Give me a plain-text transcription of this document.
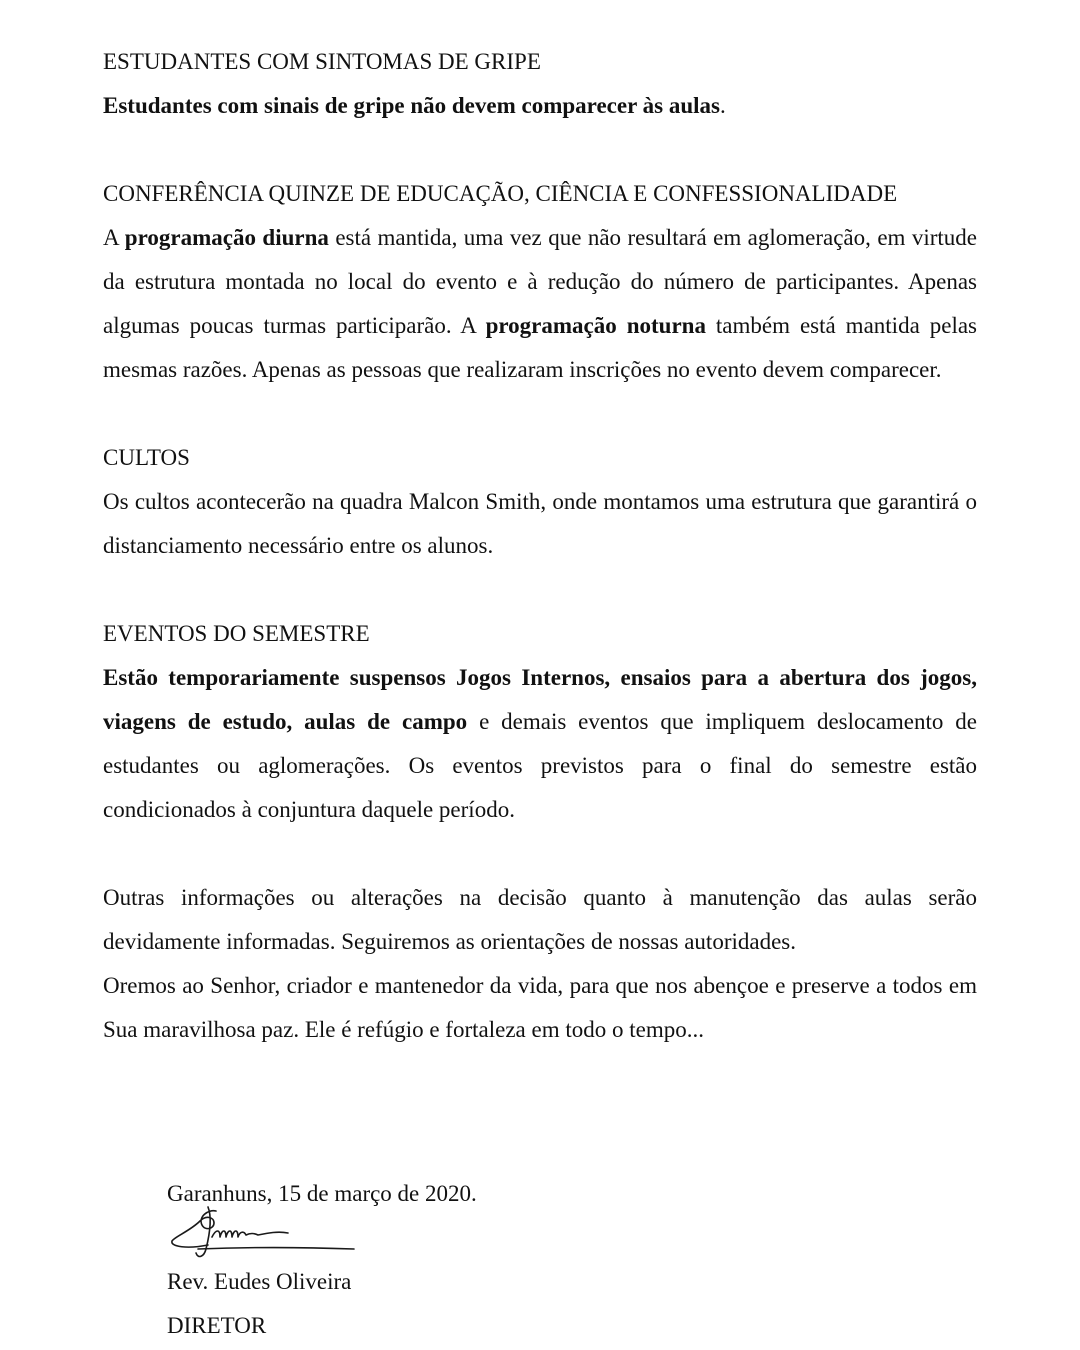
ESTUDANTES COM SINTOMAS DE GRIPE

Estudantes com sinais de gripe não devem comparecer às aulas.

CONFERÊNCIA QUINZE DE EDUCAÇÃO, CIÊNCIA E CONFESSIONALIDADE

A programação diurna está mantida, uma vez que não resultará em aglomeração, em virtude da estrutura montada no local do evento e à redução do número de participantes. Apenas algumas poucas turmas participarão. A programação noturna também está mantida pelas mesmas razões. Apenas as pessoas que realizaram inscrições no evento devem comparecer.

CULTOS

Os cultos acontecerão na quadra Malcon Smith, onde montamos uma estrutura que garantirá o distanciamento necessário entre os alunos.

EVENTOS DO SEMESTRE

Estão temporariamente suspensos Jogos Internos, ensaios para a abertura dos jogos, viagens de estudo, aulas de campo e demais eventos que impliquem deslocamento de estudantes ou aglomerações. Os eventos previstos para o final do semestre estão condicionados à conjuntura daquele período.

Outras informações ou alterações na decisão quanto à manutenção das aulas serão devidamente informadas. Seguiremos as orientações de nossas autoridades.

Oremos ao Senhor, criador e mantenedor da vida, para que nos abençoe e preserve a todos em Sua maravilhosa paz. Ele é refúgio e fortaleza em todo o tempo...

Garanhuns, 15 de março de 2020.
Rev. Eudes Oliveira
DIRETOR
